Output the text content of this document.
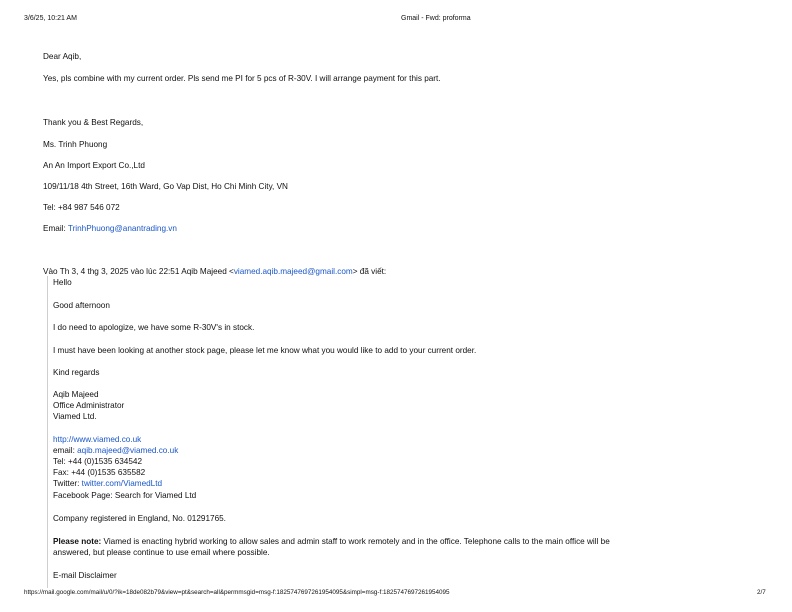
3/6/25, 10:21 AM	Gmail - Fwd: proforma
Dear Aqib,
Yes, pls combine with my current order. Pls send me PI for 5 pcs of R-30V. I will arrange payment for this part.
Thank you & Best Regards,
Ms. Trinh Phuong
An An Import Export Co.,Ltd
109/11/18 4th Street, 16th Ward, Go Vap Dist, Ho Chi Minh City, VN
Tel: +84 987 546 072
Email: TrinhPhuong@anantrading.vn
Vào Th 3, 4 thg 3, 2025 vào lúc 22:51 Aqib Majeed <viamed.aqib.majeed@gmail.com> đã viết:
Hello
Good afternoon
I do need to apologize, we have some R-30V's in stock.
I must have been looking at another stock page, please let me know what you would like to add to your current order.
Kind regards
Aqib Majeed
Office Administrator
Viamed Ltd.
http://www.viamed.co.uk
email: aqib.majeed@viamed.co.uk
Tel: +44 (0)1535 634542
Fax: +44 (0)1535 635582
Twitter: twitter.com/ViamedLtd
Facebook Page: Search for Viamed Ltd
Company registered in England, No. 01291765.
Please note: Viamed is enacting hybrid working to allow sales and admin staff to work remotely and in the office. Telephone calls to the main office will be
answered, but please continue to use email where possible.
E-mail Disclaimer
https://mail.google.com/mail/u/0/?ik=18de082b79&view=pt&search=all&permmsgid=msg-f:1825747697261954095&simpl=msg-f:1825747697261954095	2/7
